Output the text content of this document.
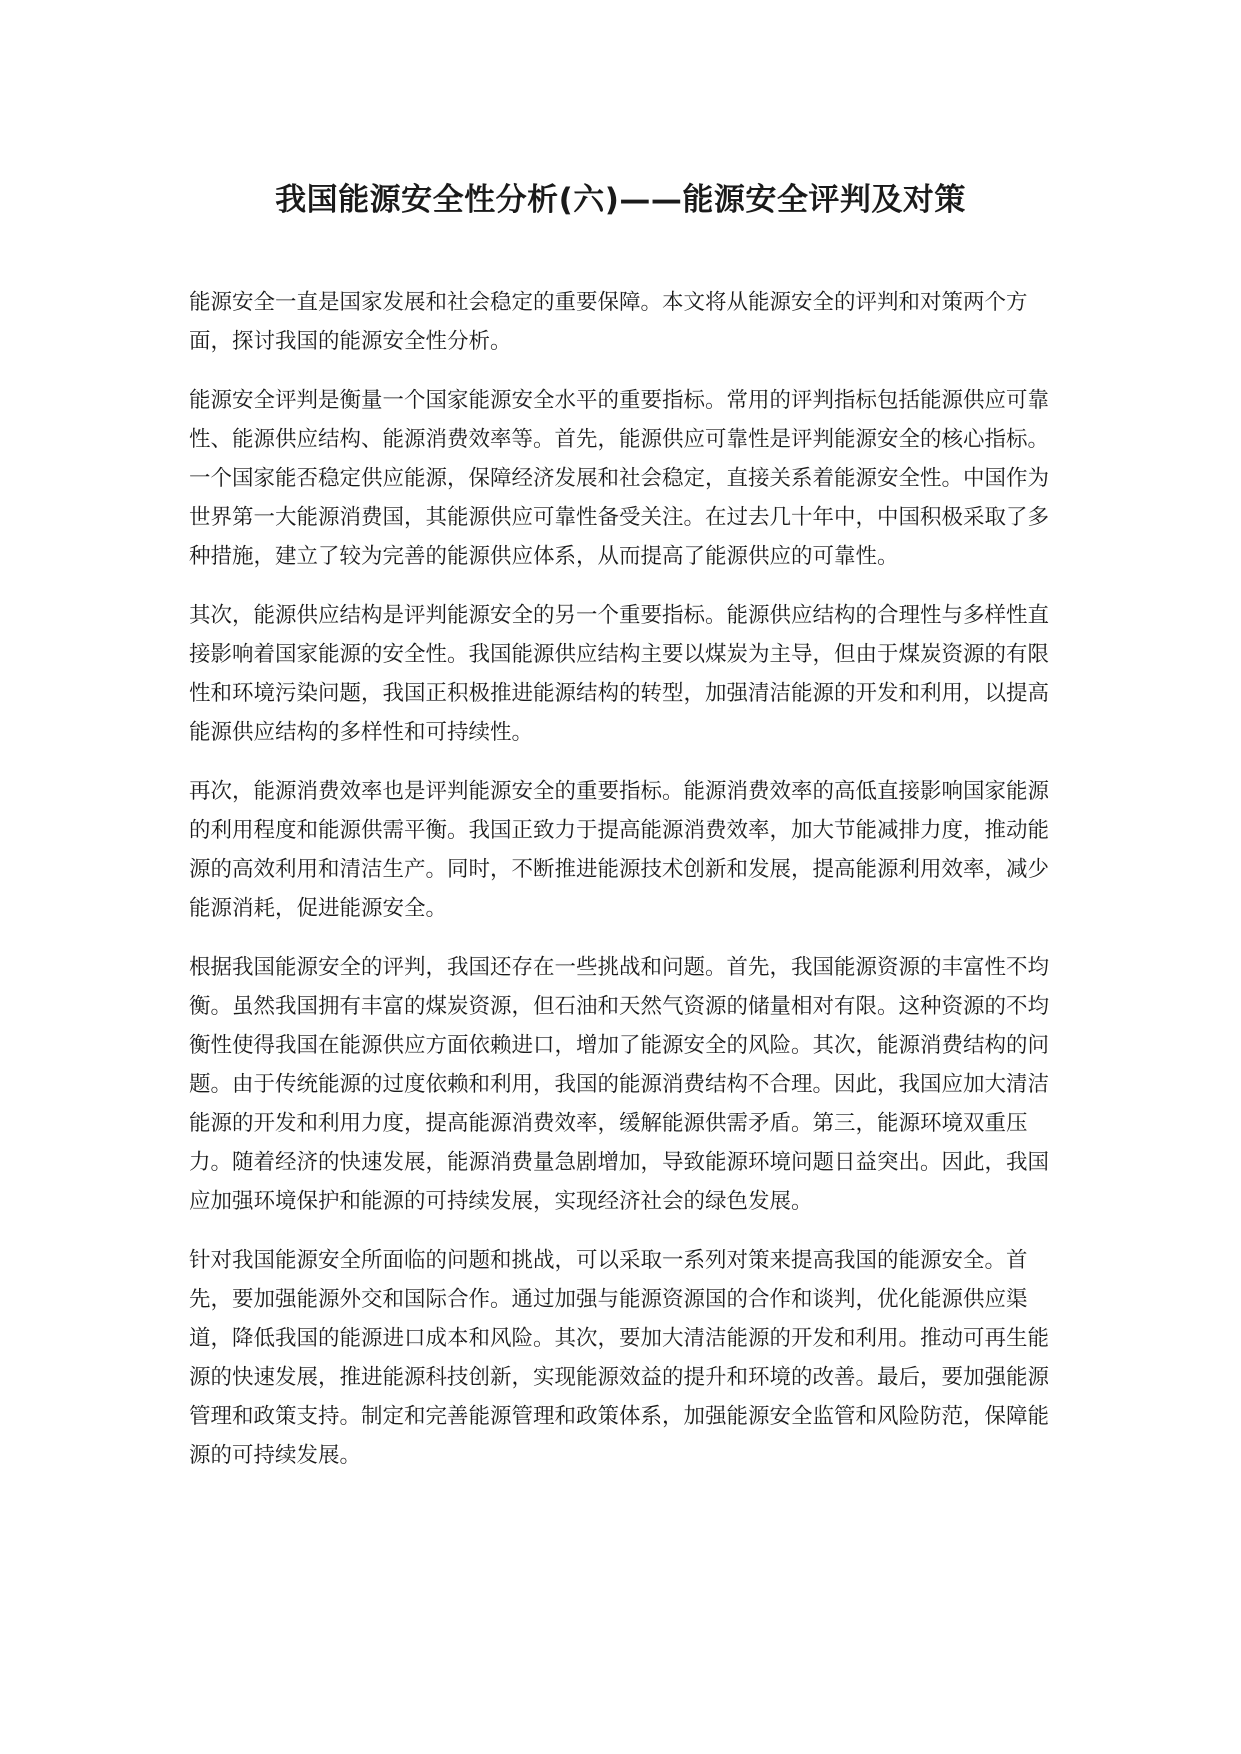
我国能源安全性分析(六)——能源安全评判及对策

能源安全一直是国家发展和社会稳定的重要保障。本文将从能源安全的评判和对策两个方面，探讨我国的能源安全性分析。

能源安全评判是衡量一个国家能源安全水平的重要指标。常用的评判指标包括能源供应可靠性、能源供应结构、能源消费效率等。首先，能源供应可靠性是评判能源安全的核心指标。一个国家能否稳定供应能源，保障经济发展和社会稳定，直接关系着能源安全性。中国作为世界第一大能源消费国，其能源供应可靠性备受关注。在过去几十年中，中国积极采取了多种措施，建立了较为完善的能源供应体系，从而提高了能源供应的可靠性。

其次，能源供应结构是评判能源安全的另一个重要指标。能源供应结构的合理性与多样性直接影响着国家能源的安全性。我国能源供应结构主要以煤炭为主导，但由于煤炭资源的有限性和环境污染问题，我国正积极推进能源结构的转型，加强清洁能源的开发和利用，以提高能源供应结构的多样性和可持续性。

再次，能源消费效率也是评判能源安全的重要指标。能源消费效率的高低直接影响国家能源的利用程度和能源供需平衡。我国正致力于提高能源消费效率，加大节能减排力度，推动能源的高效利用和清洁生产。同时，不断推进能源技术创新和发展，提高能源利用效率，减少能源消耗，促进能源安全。

根据我国能源安全的评判，我国还存在一些挑战和问题。首先，我国能源资源的丰富性不均衡。虽然我国拥有丰富的煤炭资源，但石油和天然气资源的储量相对有限。这种资源的不均衡性使得我国在能源供应方面依赖进口，增加了能源安全的风险。其次，能源消费结构的问题。由于传统能源的过度依赖和利用，我国的能源消费结构不合理。因此，我国应加大清洁能源的开发和利用力度，提高能源消费效率，缓解能源供需矛盾。第三，能源环境双重压力。随着经济的快速发展，能源消费量急剧增加，导致能源环境问题日益突出。因此，我国应加强环境保护和能源的可持续发展，实现经济社会的绿色发展。

针对我国能源安全所面临的问题和挑战，可以采取一系列对策来提高我国的能源安全。首先，要加强能源外交和国际合作。通过加强与能源资源国的合作和谈判，优化能源供应渠道，降低我国的能源进口成本和风险。其次，要加大清洁能源的开发和利用。推动可再生能源的快速发展，推进能源科技创新，实现能源效益的提升和环境的改善。最后，要加强能源管理和政策支持。制定和完善能源管理和政策体系，加强能源安全监管和风险防范，保障能源的可持续发展。
